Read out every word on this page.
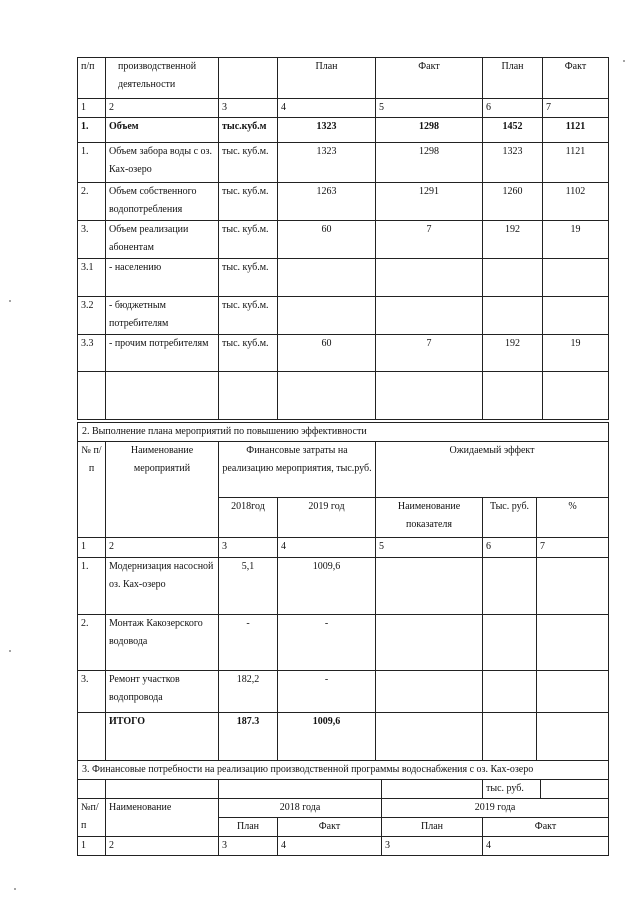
п/п	производственной деятельности		План	Факт	План	Факт
1	2	3	4	5	6	7
1.	Объем	тыс.куб.м	1323	1298	1452	1121
1.	Объем забора воды с оз. Ках-озеро	тыс. куб.м.	1323	1298	1323	1121
2.	Объем собственного водопотребления	тыс. куб.м.	1263	1291	1260	1102
3.	Объем реализации абонентам	тыс. куб.м.	60	7	192	19
3.1	- населению	тыс. куб.м.				
3.2	- бюджетным потребителям	тыс. куб.м.				
3.3	- прочим потребителям	тыс. куб.м.	60	7	192	19

2. Выполнение плана мероприятий по повышению эффективности						
№ п/п	Наименование мероприятий	Финансовые затраты на реализацию мероприятия, тыс.руб.		Ожидаемый эффект		
		2018год	2019 год	Наименование показателя	Тыс. руб.	%
1	2	3	4	5	6	7
1.	Модернизация насосной оз. Ках-озеро	5,1	1009,6			
2.	Монтаж Какозерского водовода	-	-			
3.	Ремонт участков водопровода	182,2	-			
	ИТОГО	187.3	1009,6			
3. Финансовые потребности на реализацию производственной программы водоснабжения с оз. Ках-озеро						
					тыс. руб.	
№п/п	Наименование	2018 года		2019 года		
		План	Факт	План	Факт	
1	2	3	4	3	4	
